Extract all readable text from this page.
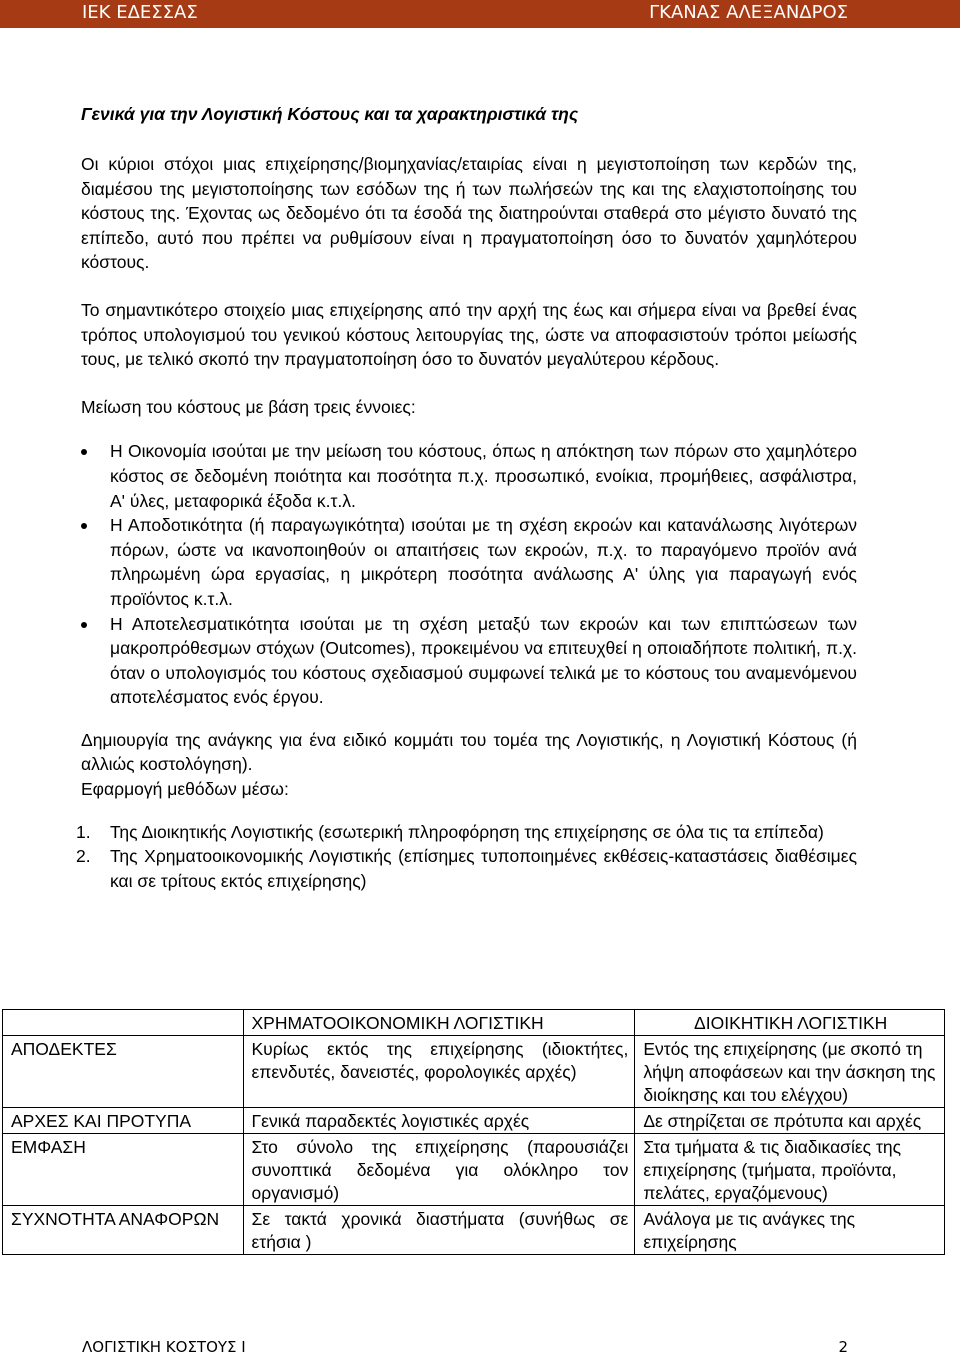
ΙΕΚ ΕΔΕΣΣΑΣ	ΓΚΑΝΑΣ ΑΛΕΞΑΝΔΡΟΣ
Γενικά για την Λογιστική Κόστους και τα χαρακτηριστικά της

Οι κύριοι στόχοι μιας επιχείρησης/βιομηχανίας/εταιρίας είναι η μεγιστοποίηση των κερδών της, διαμέσου της μεγιστοποίησης των εσόδων της ή των πωλήσεών της και της ελαχιστοποίησης του κόστους της. Έχοντας ως δεδομένο ότι τα έσοδά της διατηρούνται σταθερά στο μέγιστο δυνατό της επίπεδο, αυτό που πρέπει να ρυθμίσουν είναι η πραγματοποίηση όσο το δυνατόν χαμηλότερου κόστους.

Το σημαντικότερο στοιχείο μιας επιχείρησης από την αρχή της έως και σήμερα είναι να βρεθεί ένας τρόπος υπολογισμού του γενικού κόστους λειτουργίας της, ώστε να αποφασιστούν τρόποι μείωσής τους, με τελικό σκοπό την πραγματοποίηση όσο το δυνατόν μεγαλύτερου κέρδους.

Μείωση του κόστους με βάση τρεις έννοιες:

Η Οικονομία ισούται με την μείωση του κόστους, όπως η απόκτηση των πόρων στο χαμηλότερο κόστος σε δεδομένη ποιότητα και ποσότητα π.χ. προσωπικό, ενοίκια, προμήθειες, ασφάλιστρα, Α' ύλες, μεταφορικά έξοδα κ.τ.λ.
Η Αποδοτικότητα (ή παραγωγικότητα) ισούται με τη σχέση εκροών και κατανάλωσης λιγότερων πόρων, ώστε να ικανοποιηθούν οι απαιτήσεις των εκροών, π.χ. το παραγόμενο προϊόν ανά πληρωμένη ώρα εργασίας, η μικρότερη ποσότητα ανάλωσης Α' ύλης για παραγωγή ενός προϊόντος κ.τ.λ.
Η Αποτελεσματικότητα ισούται με τη σχέση μεταξύ των εκροών και των επιπτώσεων των μακροπρόθεσμων στόχων (Outcomes), προκειμένου να επιτευχθεί η οποιαδήποτε πολιτική, π.χ. όταν ο υπολογισμός του κόστους σχεδιασμού συμφωνεί τελικά με το κόστους του αναμενόμενου αποτελέσματος ενός έργου.

Δημιουργία της ανάγκης για ένα ειδικό κομμάτι του τομέα της Λογιστικής, η Λογιστική Κόστους (ή αλλιώς κοστολόγηση).

Εφαρμογή μεθόδων μέσω:

1. Της Διοικητικής Λογιστικής (εσωτερική πληροφόρηση της επιχείρησης σε όλα τις τα επίπεδα)
2. Της Χρηματοοικονομικής Λογιστικής (επίσημες τυποποιημένες εκθέσεις-καταστάσεις διαθέσιμες και σε τρίτους εκτός επιχείρησης)
	ΧΡΗΜΑΤΟΟΙΚΟΝΟΜΙΚΗ ΛΟΓΙΣΤΙΚΗ	ΔΙΟΙΚΗΤΙΚΗ ΛΟΓΙΣΤΙΚΗ
ΑΠΟΔΕΚΤΕΣ	Κυρίως εκτός της επιχείρησης (ιδιοκτήτες, επενδυτές, δανειστές, φορολογικές αρχές)	Εντός της επιχείρησης (με σκοπό τη λήψη αποφάσεων και την άσκηση της διοίκησης και του ελέγχου)
ΑΡΧΕΣ ΚΑΙ ΠΡΟΤΥΠΑ	Γενικά παραδεκτές λογιστικές αρχές	Δε στηρίζεται σε πρότυπα και αρχές
ΕΜΦΑΣΗ	Στο σύνολο της επιχείρησης (παρουσιάζει συνοπτικά δεδομένα για ολόκληρο τον οργανισμό)	Στα τμήματα & τις διαδικασίες της επιχείρησης (τμήματα, προϊόντα, πελάτες, εργαζόμενους)
ΣΥΧΝΟΤΗΤΑ ΑΝΑΦΟΡΩΝ	Σε τακτά χρονικά διαστήματα (συνήθως σε ετήσια )	Ανάλογα με τις ανάγκες της επιχείρησης
ΛΟΓΙΣΤΙΚΗ ΚΟΣΤΟΥΣ Ι	2
